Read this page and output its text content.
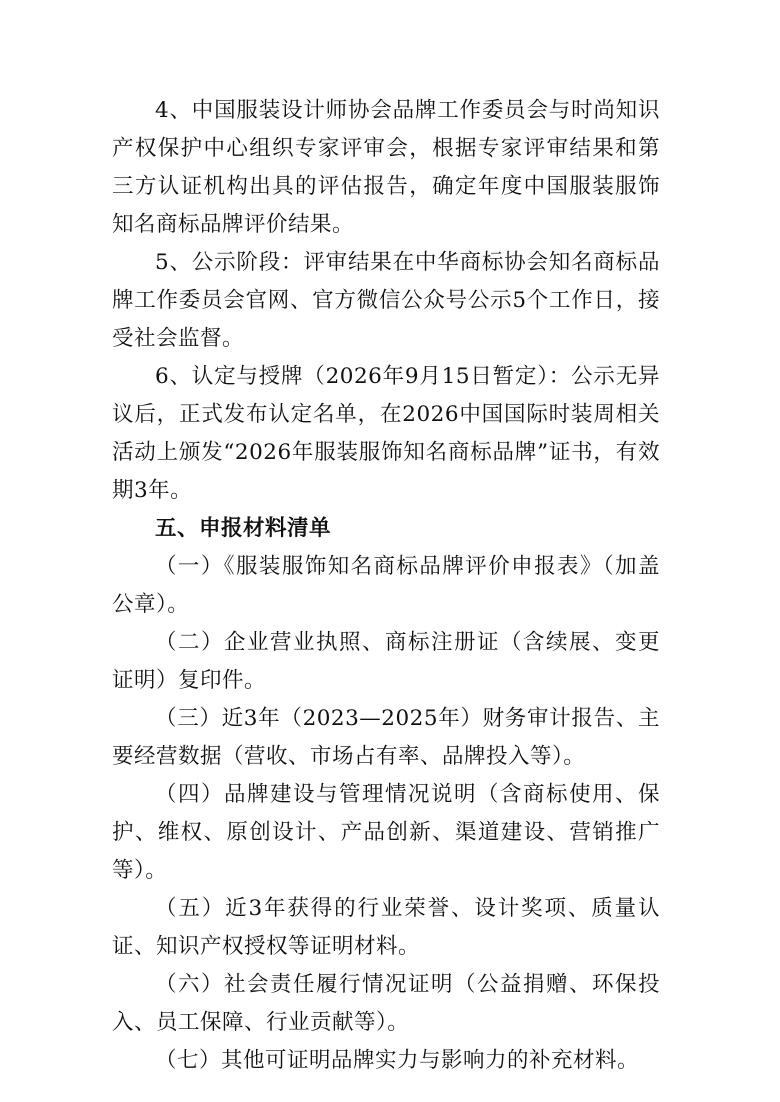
4、中国服装设计师协会品牌工作委员会与时尚知识产权保护中心组织专家评审会，根据专家评审结果和第三方认证机构出具的评估报告，确定年度中国服装服饰知名商标品牌评价结果。

5、公示阶段：评审结果在中华商标协会知名商标品牌工作委员会官网、官方微信公众号公示5个工作日，接受社会监督。

6、认定与授牌（2026年9月15日暂定）：公示无异议后，正式发布认定名单，在2026中国国际时装周相关活动上颁发“2026年服装服饰知名商标品牌”证书，有效期3年。

五、申报材料清单

（一）《服装服饰知名商标品牌评价申报表》（加盖公章）。

（二）企业营业执照、商标注册证（含续展、变更证明）复印件。

（三）近3年（2023—2025年）财务审计报告、主要经营数据（营收、市场占有率、品牌投入等）。

（四）品牌建设与管理情况说明（含商标使用、保护、维权、原创设计、产品创新、渠道建设、营销推广等）。

（五）近3年获得的行业荣誉、设计奖项、质量认证、知识产权授权等证明材料。

（六）社会责任履行情况证明（公益捐赠、环保投入、员工保障、行业贡献等）。

（七）其他可证明品牌实力与影响力的补充材料。
